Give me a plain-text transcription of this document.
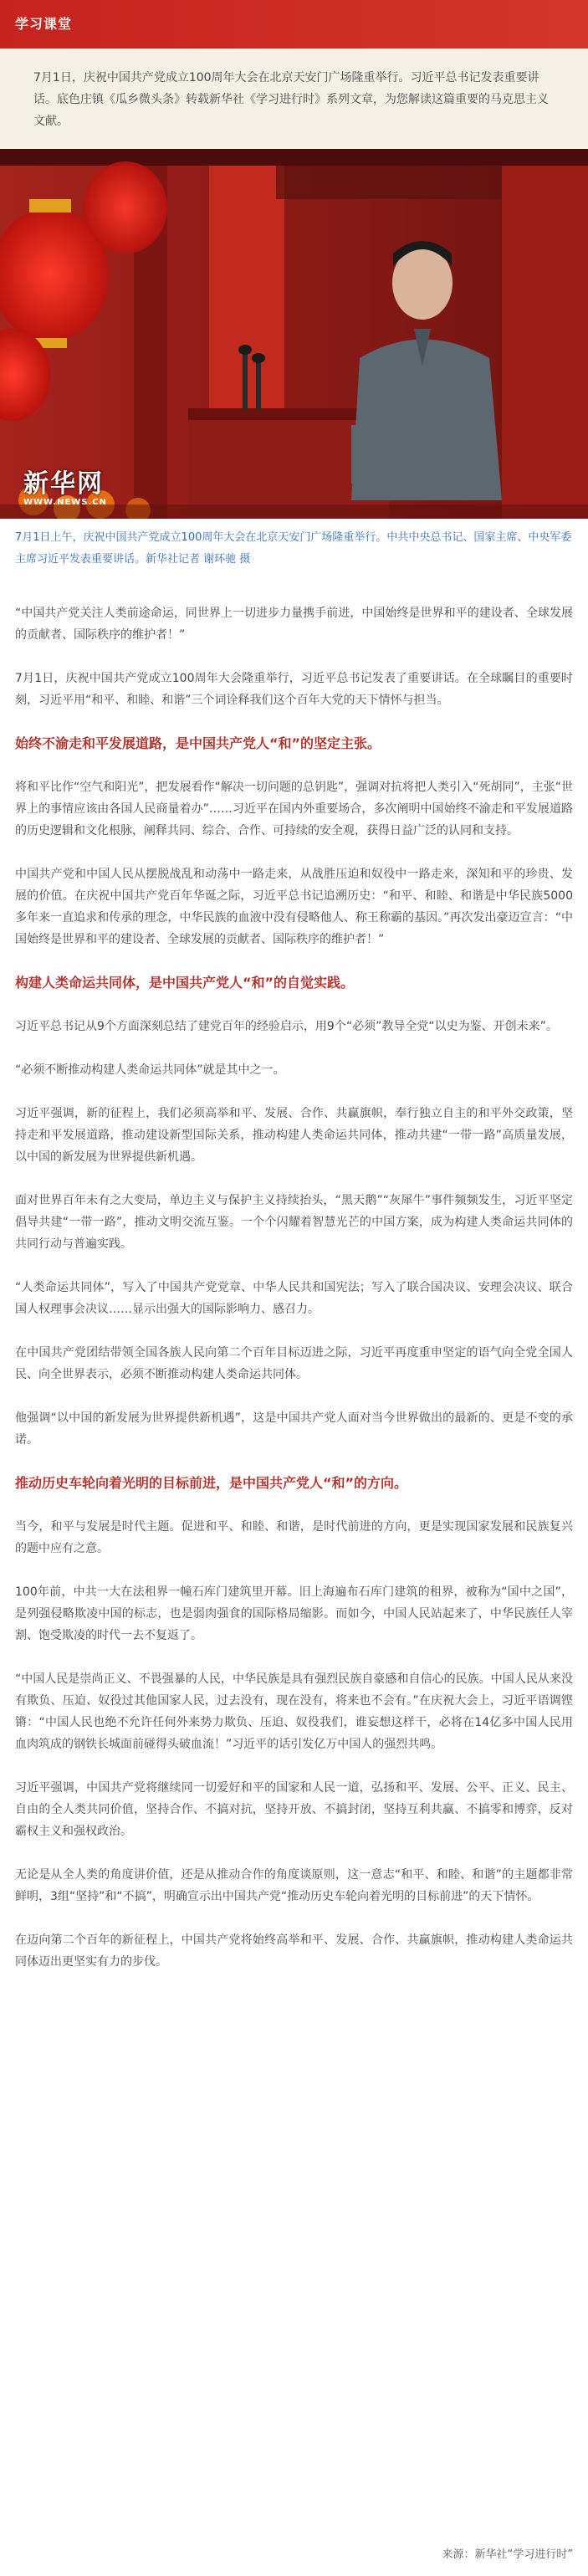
学习课堂

7月1日，庆祝中国共产党成立100周年大会在北京天安门广场隆重举行。习近平总书记发表重要讲话。底色庄镇《瓜乡微头条》转载新华社《学习进行时》系列文章，为您解读这篇重要的马克思主义文献。

新华网
WWW.NEWS.CN
7月1日上午，庆祝中国共产党成立100周年大会在北京天安门广场隆重举行。中共中央总书记、国家主席、中央军委主席习近平发表重要讲话。新华社记者 谢环驰 摄

“中国共产党关注人类前途命运，同世界上一切进步力量携手前进，中国始终是世界和平的建设者、全球发展的贡献者、国际秩序的维护者！”

7月1日，庆祝中国共产党成立100周年大会隆重举行，习近平总书记发表了重要讲话。在全球瞩目的重要时刻，习近平用“和平、和睦、和谐”三个词诠释我们这个百年大党的天下情怀与担当。

始终不渝走和平发展道路，是中国共产党人“和”的坚定主张。

将和平比作“空气和阳光”，把发展看作“解决一切问题的总钥匙”，强调对抗将把人类引入“死胡同”，主张“世界上的事情应该由各国人民商量着办”……习近平在国内外重要场合，多次阐明中国始终不渝走和平发展道路的历史逻辑和文化根脉，阐释共同、综合、合作、可持续的安全观，获得日益广泛的认同和支持。

中国共产党和中国人民从摆脱战乱和动荡中一路走来，从战胜压迫和奴役中一路走来，深知和平的珍贵、发展的价值。在庆祝中国共产党百年华诞之际，习近平总书记追溯历史：“和平、和睦、和谐是中华民族5000多年来一直追求和传承的理念，中华民族的血液中没有侵略他人、称王称霸的基因。”再次发出豪迈宣言：“中国始终是世界和平的建设者、全球发展的贡献者、国际秩序的维护者！”

构建人类命运共同体，是中国共产党人“和”的自觉实践。

习近平总书记从9个方面深刻总结了建党百年的经验启示，用9个“必须”教导全党“以史为鉴、开创未来”。

“必须不断推动构建人类命运共同体”就是其中之一。

习近平强调，新的征程上，我们必须高举和平、发展、合作、共赢旗帜，奉行独立自主的和平外交政策，坚持走和平发展道路，推动建设新型国际关系，推动构建人类命运共同体，推动共建“一带一路”高质量发展，以中国的新发展为世界提供新机遇。

面对世界百年未有之大变局，单边主义与保护主义持续抬头，“黑天鹅”“灰犀牛”事件频频发生，习近平坚定倡导共建“一带一路”，推动文明交流互鉴。一个个闪耀着智慧光芒的中国方案，成为构建人类命运共同体的共同行动与普遍实践。

“人类命运共同体”，写入了中国共产党党章、中华人民共和国宪法；写入了联合国决议、安理会决议、联合国人权理事会决议……显示出强大的国际影响力、感召力。

在中国共产党团结带领全国各族人民向第二个百年目标迈进之际，习近平再度重申坚定的语气向全党全国人民、向全世界表示，必须不断推动构建人类命运共同体。

他强调“以中国的新发展为世界提供新机遇”，这是中国共产党人面对当今世界做出的最新的、更是不变的承诺。

推动历史车轮向着光明的目标前进，是中国共产党人“和”的方向。

当今，和平与发展是时代主题。促进和平、和睦、和谐，是时代前进的方向，更是实现国家发展和民族复兴的题中应有之意。

100年前，中共一大在法租界一幢石库门建筑里开幕。旧上海遍布石库门建筑的租界，被称为“国中之国”，是列强侵略欺凌中国的标志，也是弱肉强食的国际格局缩影。而如今，中国人民站起来了，中华民族任人宰割、饱受欺凌的时代一去不复返了。

“中国人民是崇尚正义、不畏强暴的人民，中华民族是具有强烈民族自豪感和自信心的民族。中国人民从来没有欺负、压迫、奴役过其他国家人民，过去没有，现在没有，将来也不会有。”在庆祝大会上，习近平语调铿锵：“中国人民也绝不允许任何外来势力欺负、压迫、奴役我们，谁妄想这样干，必将在14亿多中国人民用血肉筑成的钢铁长城面前碰得头破血流！”习近平的话引发亿万中国人的强烈共鸣。

习近平强调，中国共产党将继续同一切爱好和平的国家和人民一道，弘扬和平、发展、公平、正义、民主、自由的全人类共同价值，坚持合作、不搞对抗，坚持开放、不搞封闭，坚持互利共赢、不搞零和博弈，反对霸权主义和强权政治。

无论是从全人类的角度讲价值，还是从推动合作的角度谈原则，这一意志“和平、和睦、和谐”的主题都非常鲜明，3组“坚持”和“不搞”，明确宣示出中国共产党“推动历史车轮向着光明的目标前进”的天下情怀。

在迈向第二个百年的新征程上，中国共产党将始终高举和平、发展、合作、共赢旗帜，推动构建人类命运共同体迈出更坚实有力的步伐。

来源：新华社“学习进行时”
